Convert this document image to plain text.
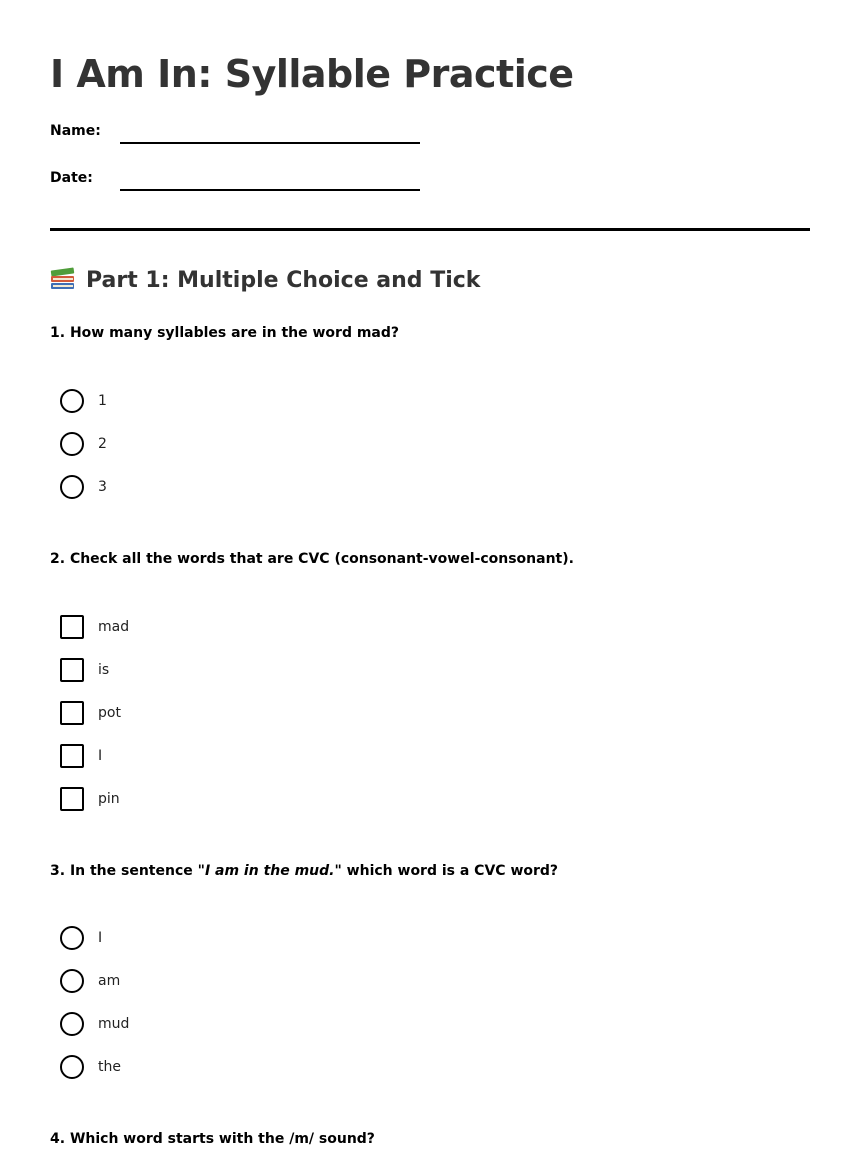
I Am In: Syllable Practice
Name:
Date:
Part 1: Multiple Choice and Tick

1. How many syllables are in the word mad?

1
2
3

2. Check all the words that are CVC (consonant-vowel-consonant).

mad
is
pot
I
pin

3. In the sentence "I am in the mud." which word is a CVC word?

I
am
mud
the

4. Which word starts with the /m/ sound?
